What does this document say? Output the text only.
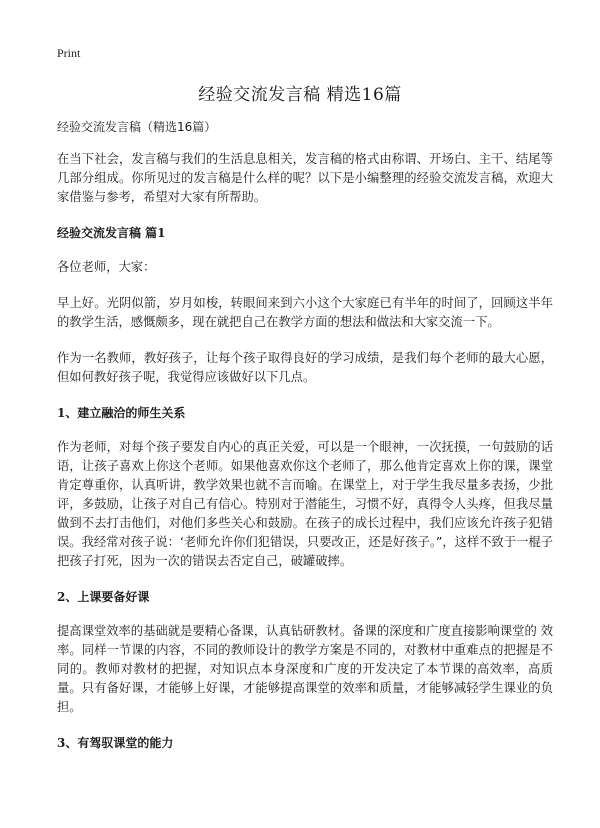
Print
经验交流发言稿 精选16篇
经验交流发言稿（精选16篇）

在当下社会，发言稿与我们的生活息息相关，发言稿的格式由称谓、开场白、主干、结尾等几部分组成。你所见过的发言稿是什么样的呢？以下是小编整理的经验交流发言稿，欢迎大家借鉴与参考，希望对大家有所帮助。

经验交流发言稿 篇1

各位老师，大家：

早上好。光阴似箭，岁月如梭，转眼间来到六小这个大家庭已有半年的时间了，回顾这半年的教学生活，感慨颇多，现在就把自己在教学方面的想法和做法和大家交流一下。

作为一名教师，教好孩子，让每个孩子取得良好的学习成绩，是我们每个老师的最大心愿，但如何教好孩子呢，我觉得应该做好以下几点。

1、建立融洽的师生关系

作为老师，对每个孩子要发自内心的真正关爱，可以是一个眼神，一次抚摸，一句鼓励的话语，让孩子喜欢上你这个老师。如果他喜欢你这个老师了，那么他肯定喜欢上你的课，课堂肯定尊重你，认真听讲，教学效果也就不言而喻。在课堂上，对于学生我尽量多表扬，少批评，多鼓励，让孩子对自己有信心。特别对于潜能生，习惯不好，真得令人头疼，但我尽量做到不去打击他们，对他们多些关心和鼓励。在孩子的成长过程中，我们应该允许孩子犯错误。我经常对孩子说：‘老师允许你们犯错误，只要改正，还是好孩子。”，这样不致于一棍子把孩子打死，因为一次的错误去否定自己，破罐破摔。

2、上课要备好课

提高课堂效率的基础就是要精心备课，认真钻研教材。备课的深度和广度直接影响课堂的 效率。同样一节课的内容，不同的教师设计的教学方案是不同的，对教材中重难点的把握是不同的。教师对教材的把握，对知识点本身深度和广度的开发决定了本节课的高效率，高质量。只有备好课，才能够上好课，才能够提高课堂的效率和质量，才能够减轻学生课业的负担。

3、有驾驭课堂的能力
